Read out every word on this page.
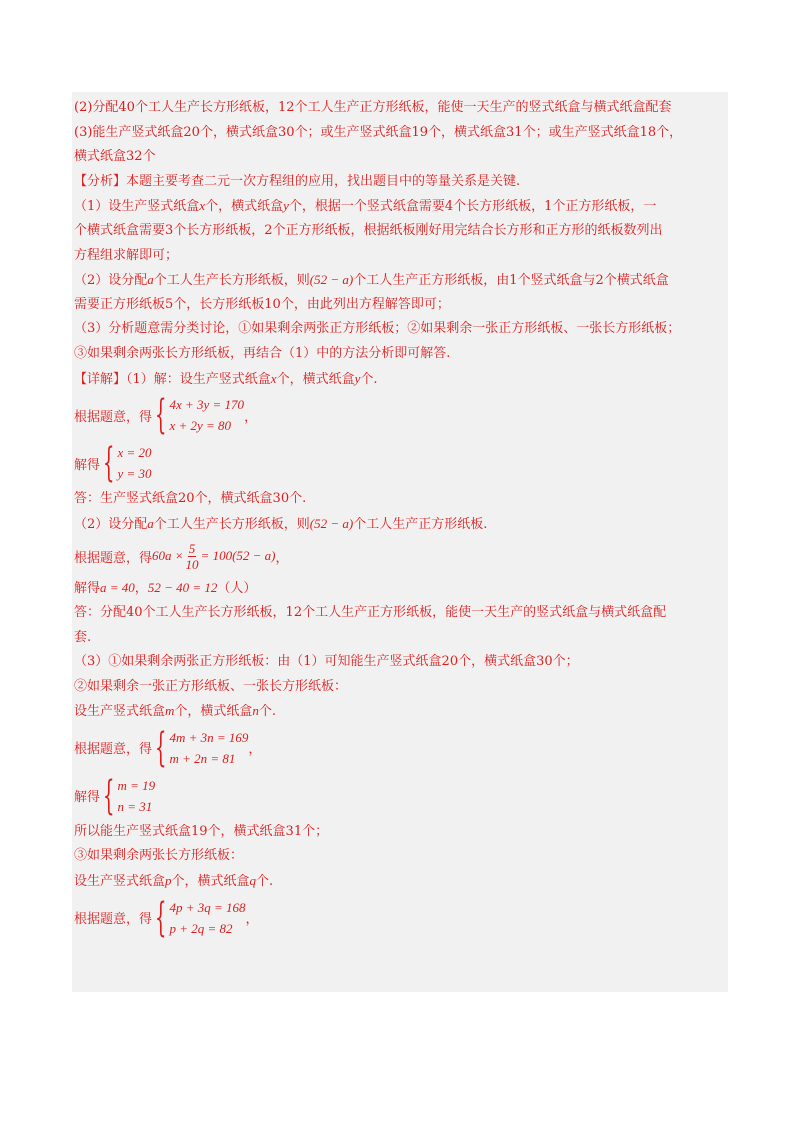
(2)分配40个工人生产长方形纸板，12个工人生产正方形纸板，能使一天生产的竖式纸盒与横式纸盒配套
(3)能生产竖式纸盒20个，横式纸盒30个；或生产竖式纸盒19个，横式纸盒31个；或生产竖式纸盒18个，
横式纸盒32个
【分析】本题主要考查二元一次方程组的应用，找出题目中的等量关系是关键.
（1）设生产竖式纸盒x个，横式纸盒y个，根据一个竖式纸盒需要4个长方形纸板，1个正方形纸板，一
个横式纸盒需要3个长方形纸板，2个正方形纸板，根据纸板刚好用完结合长方形和正方形的纸板数列出
方程组求解即可；
（2）设分配a个工人生产长方形纸板，则(52 − a)个工人生产正方形纸板，由1个竖式纸盒与2个横式纸盒
需要正方形纸板5个，长方形纸板10个，由此列出方程解答即可；
（3）分析题意需分类讨论，①如果剩余两张正方形纸板；②如果剩余一张正方形纸板、一张长方形纸板；
③如果剩余两张长方形纸板，再结合（1）中的方法分析即可解答.
【详解】（1）解：设生产竖式纸盒x个，横式纸盒y个.
根据题意，得 { 4x + 3y = 170
x + 2y = 80
，
解得 { x = 20
y = 30
答：生产竖式纸盒20个，横式纸盒30个.
（2）设分配a个工人生产长方形纸板，则(52 − a)个工人生产正方形纸板.
根据题意，得 $60a \times \frac{5}{10} = 100(52 - a)$ ，
解得a = 40，52 − 40 = 12（人）
答：分配40个工人生产长方形纸板，12个工人生产正方形纸板，能使一天生产的竖式纸盒与横式纸盒配
套.
（3）①如果剩余两张正方形纸板：由（1）可知能生产竖式纸盒20个，横式纸盒30个；
②如果剩余一张正方形纸板、一张长方形纸板：
设生产竖式纸盒m个，横式纸盒n个.
根据题意，得 { 4m + 3n = 169
m + 2n = 81
，
解得 { m = 19
n = 31
所以能生产竖式纸盒19个，横式纸盒31个；
③如果剩余两张长方形纸板：
设生产竖式纸盒p个，横式纸盒q个.
根据题意，得 { 4p + 3q = 168
p + 2q = 82
，
